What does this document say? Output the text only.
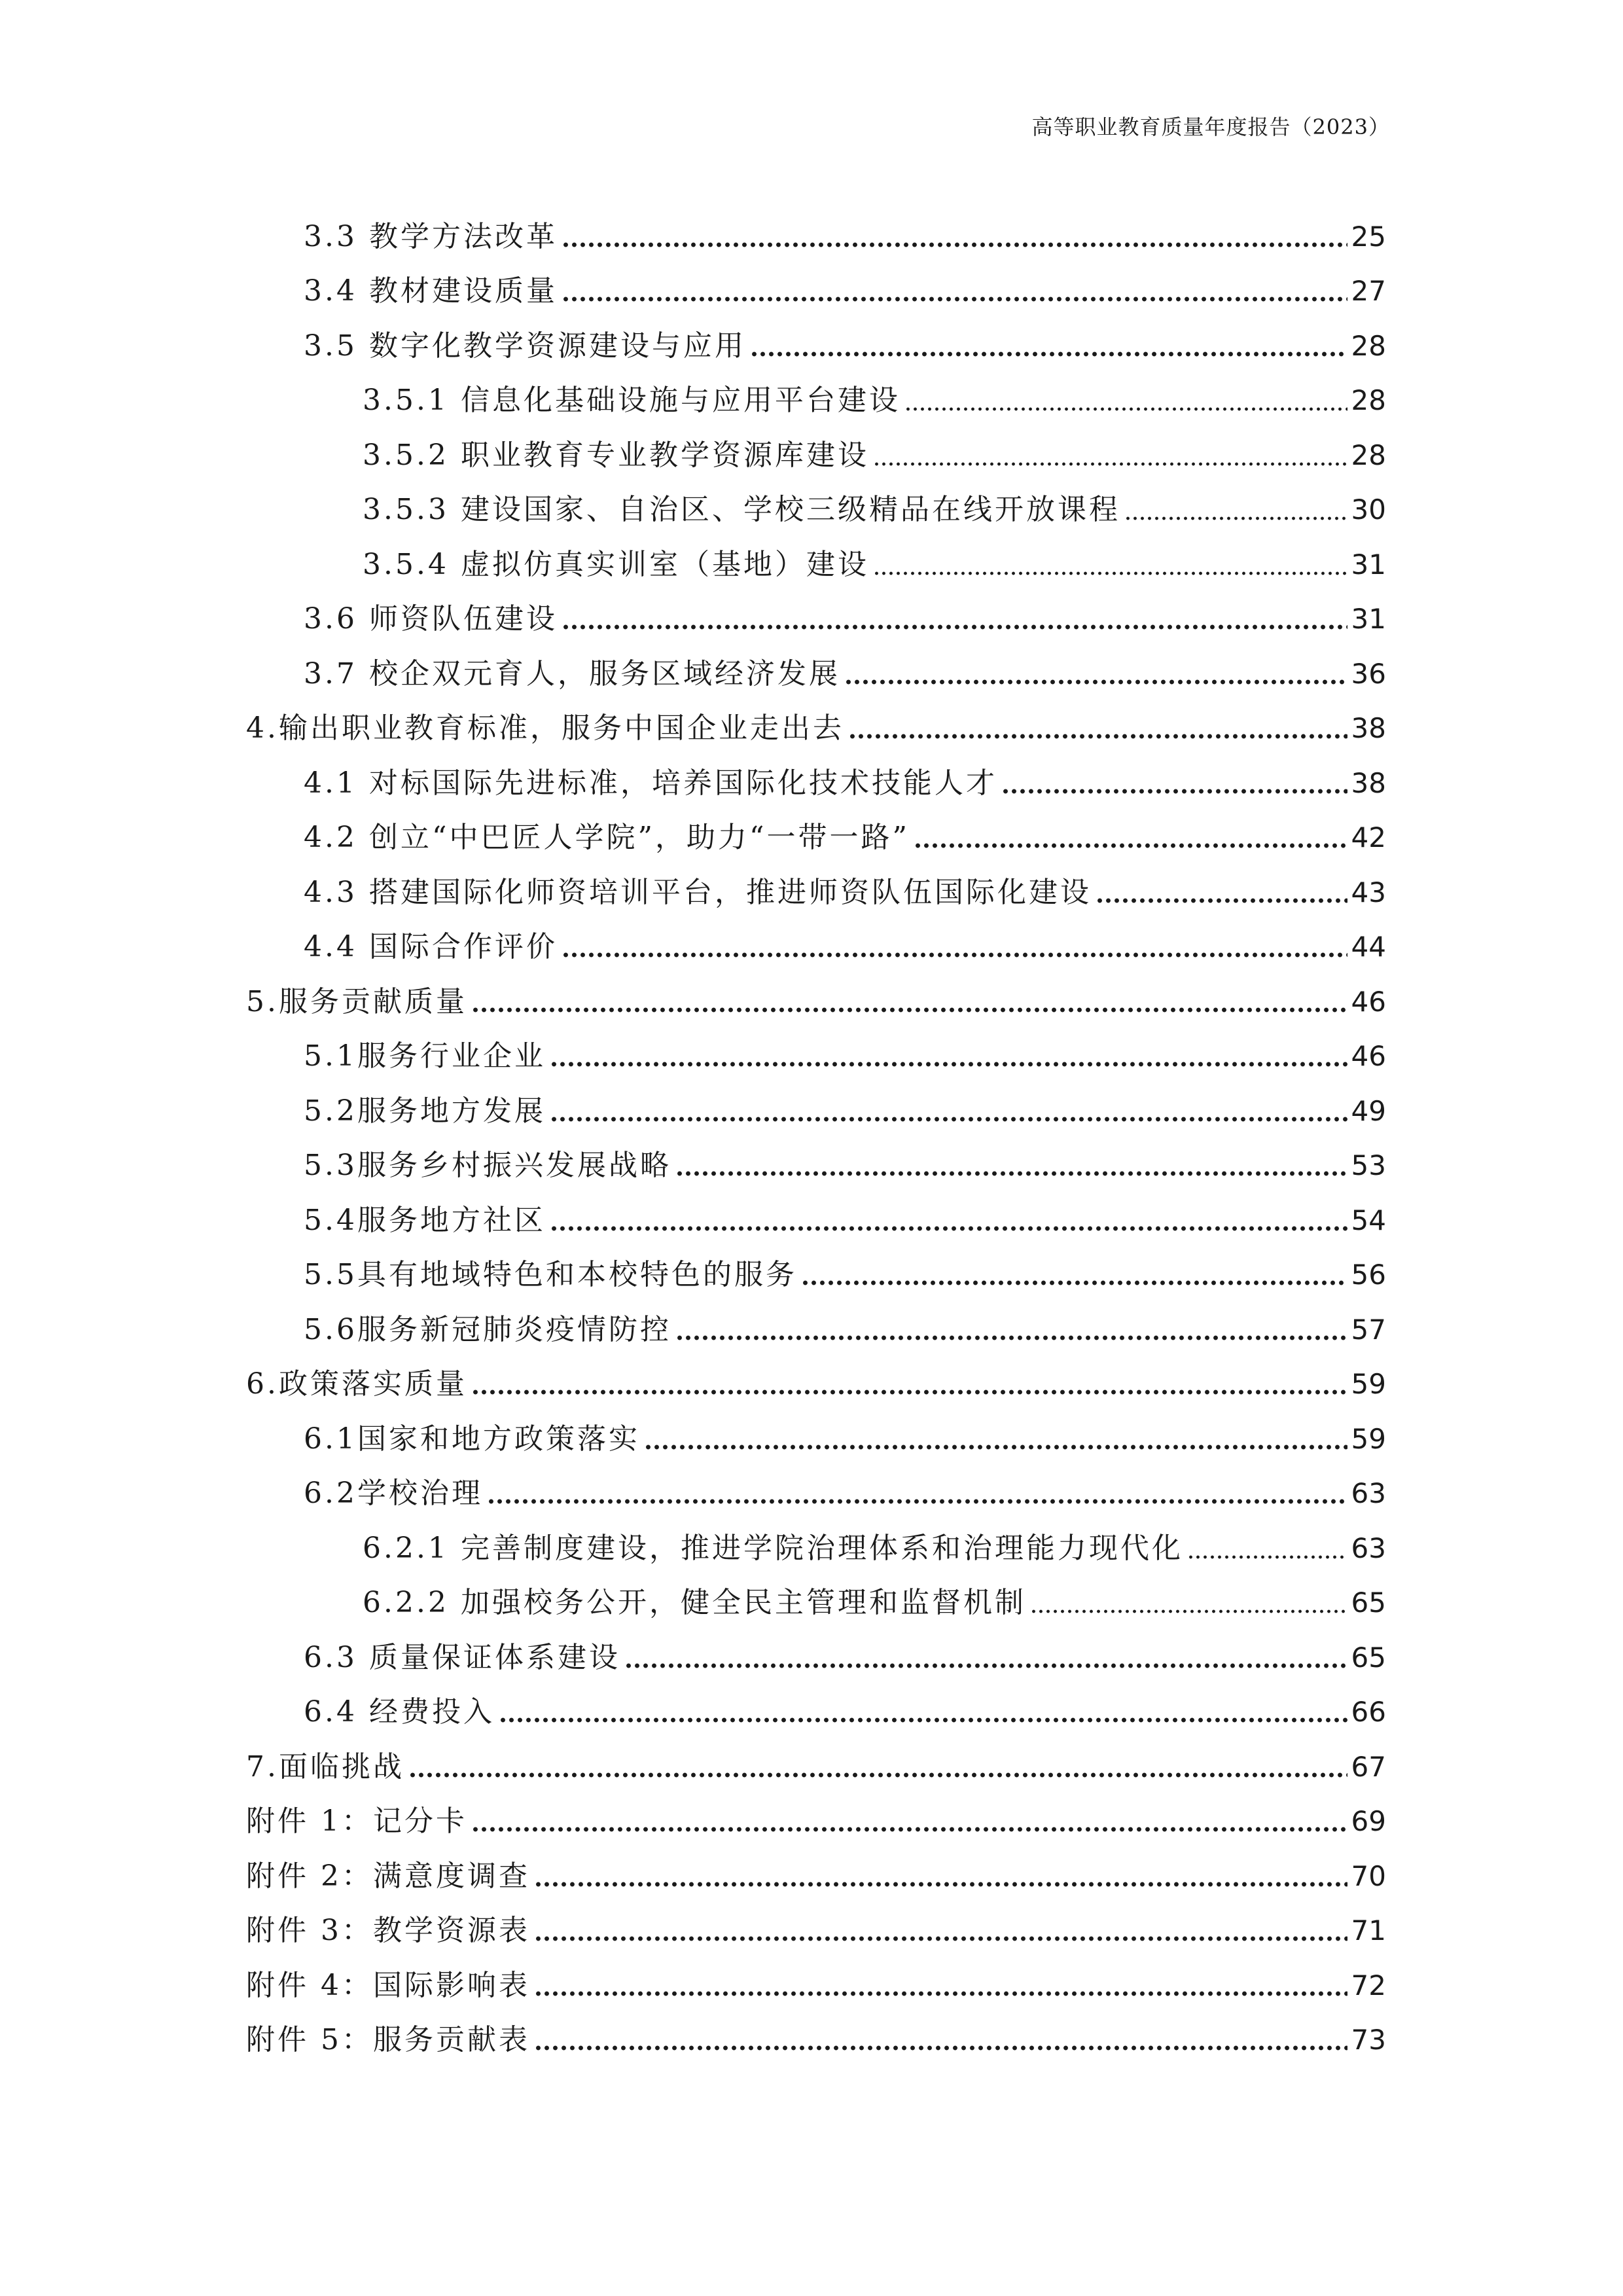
高等职业教育质量年度报告（2023）
3.3 教学方法改革	25
3.4 教材建设质量	27
3.5 数字化教学资源建设与应用	28
3.5.1 信息化基础设施与应用平台建设	28
3.5.2 职业教育专业教学资源库建设	28
3.5.3 建设国家、自治区、学校三级精品在线开放课程	30
3.5.4 虚拟仿真实训室（基地）建设	31
3.6 师资队伍建设	31
3.7 校企双元育人，服务区域经济发展	36
4.输出职业教育标准，服务中国企业走出去	38
4.1 对标国际先进标准，培养国际化技术技能人才	38
4.2 创立“中巴匠人学院”，助力“一带一路”	42
4.3 搭建国际化师资培训平台，推进师资队伍国际化建设	43
4.4 国际合作评价	44
5.服务贡献质量	46
5.1服务行业企业	46
5.2服务地方发展	49
5.3服务乡村振兴发展战略	53
5.4服务地方社区	54
5.5具有地域特色和本校特色的服务	56
5.6服务新冠肺炎疫情防控	57
6.政策落实质量	59
6.1国家和地方政策落实	59
6.2学校治理	63
6.2.1 完善制度建设，推进学院治理体系和治理能力现代化	63
6.2.2 加强校务公开，健全民主管理和监督机制	65
6.3 质量保证体系建设	65
6.4 经费投入	66
7.面临挑战	67
附件 1：记分卡	69
附件 2：满意度调查	70
附件 3：教学资源表	71
附件 4：国际影响表	72
附件 5：服务贡献表	73
